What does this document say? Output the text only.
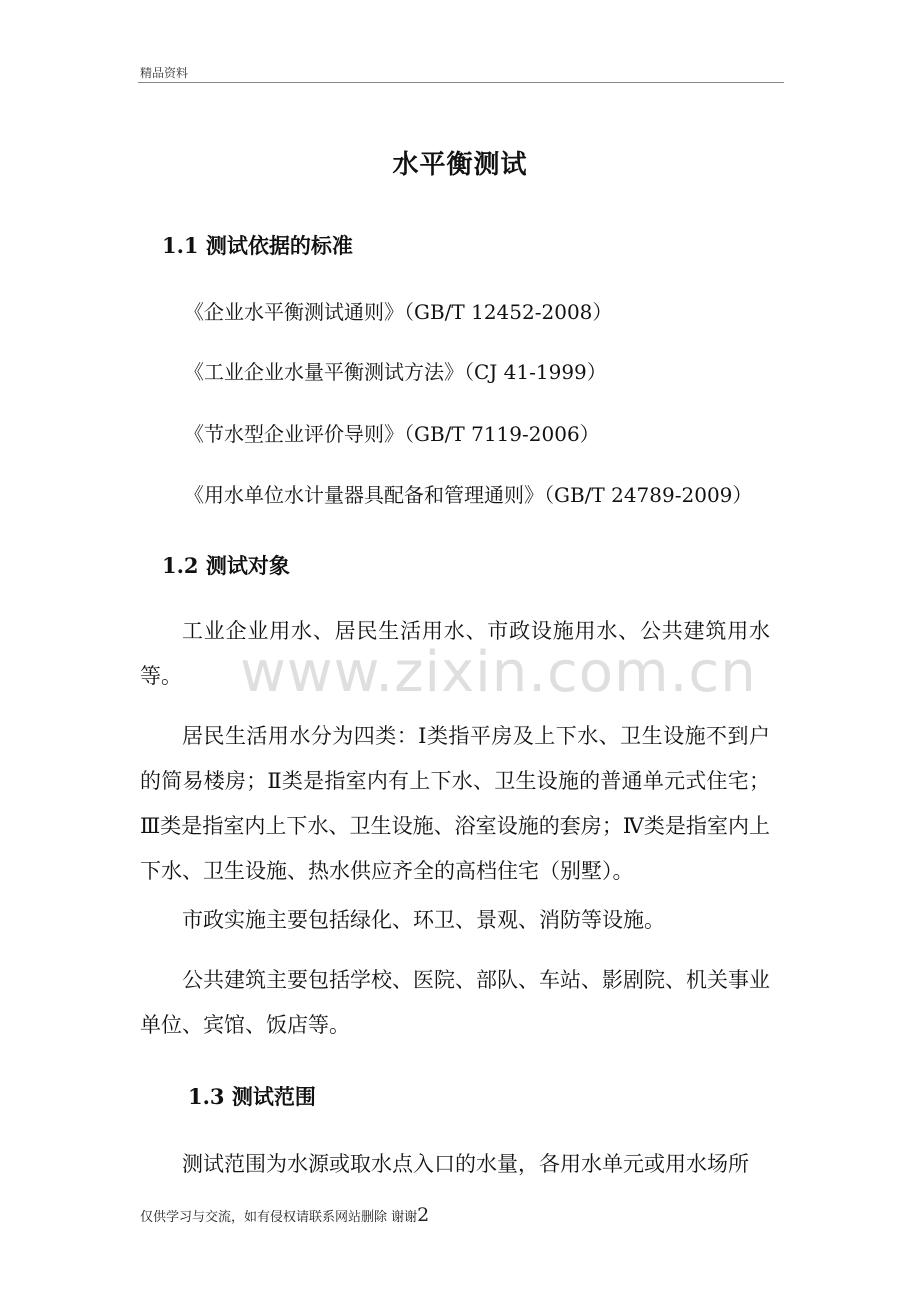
精品资料
水平衡测试
1.1 测试依据的标准
《企业水平衡测试通则》（GB/T 12452-2008）
《工业企业水量平衡测试方法》（CJ 41-1999）
《节水型企业评价导则》（GB/T 7119-2006）
《用水单位水计量器具配备和管理通则》（GB/T 24789-2009）
1.2 测试对象
工业企业用水、居民生活用水、市政设施用水、公共建筑用水等。
居民生活用水分为四类：Ⅰ类指平房及上下水、卫生设施不到户的简易楼房；Ⅱ类是指室内有上下水、卫生设施的普通单元式住宅；Ⅲ类是指室内上下水、卫生设施、浴室设施的套房；Ⅳ类是指室内上下水、卫生设施、热水供应齐全的高档住宅（别墅）。
市政实施主要包括绿化、环卫、景观、消防等设施。
公共建筑主要包括学校、医院、部队、车站、影剧院、机关事业单位、宾馆、饭店等。
1.3 测试范围
测试范围为水源或取水点入口的水量，各用水单元或用水场所
www.zixin.com.cn
仅供学习与交流，如有侵权请联系网站删除 谢谢2
